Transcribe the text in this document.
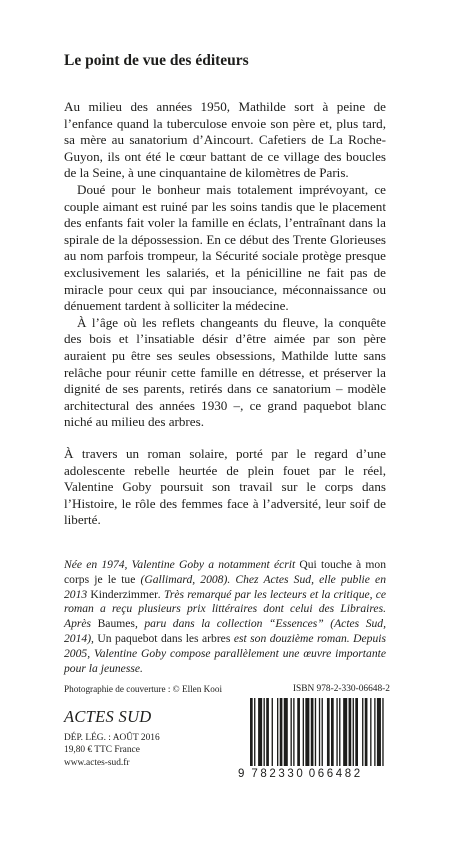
Le point de vue des éditeurs

Au milieu des années 1950, Mathilde sort à peine de l’enfance quand la tuberculose envoie son père et, plus tard, sa mère au sanatorium d’Aincourt. Cafetiers de La Roche-Guyon, ils ont été le cœur battant de ce village des boucles de la Seine, à une cinquantaine de kilomètres de Paris.

Doué pour le bonheur mais totalement imprévoyant, ce couple aimant est ruiné par les soins tandis que le placement des enfants fait voler la famille en éclats, l’entraînant dans la spirale de la dépossession. En ce début des Trente Glorieuses au nom parfois trompeur, la Sécurité sociale protège presque exclusivement les salariés, et la pénicilline ne fait pas de miracle pour ceux qui par insouciance, méconnaissance ou dénuement tardent à solliciter la médecine.

À l’âge où les reflets changeants du fleuve, la conquête des bois et l’insatiable désir d’être aimée par son père auraient pu être ses seules obsessions, Mathilde lutte sans relâche pour réunir cette famille en détresse, et préserver la dignité de ses parents, retirés dans ce sanatorium – modèle architectural des années 1930 –, ce grand paquebot blanc niché au milieu des arbres.

À travers un roman solaire, porté par le regard d’une adolescente rebelle heurtée de plein fouet par le réel, Valentine Goby poursuit son travail sur le corps dans l’Histoire, le rôle des femmes face à l’adversité, leur soif de liberté.

Née en 1974, Valentine Goby a notamment écrit Qui touche à mon corps je le tue (Gallimard, 2008). Chez Actes Sud, elle publie en 2013 Kinderzimmer. Très remarqué par les lecteurs et la critique, ce roman a reçu plusieurs prix littéraires dont celui des Libraires. Après Baumes, paru dans la collection “Essences” (Actes Sud, 2014), Un paquebot dans les arbres est son douzième roman. Depuis 2005, Valentine Goby compose parallèlement une œuvre importante pour la jeunesse.
Photographie de couverture : © Ellen Kooi
ACTES SUD
DÉP. LÉG. : AOÛT 2016
19,80 € TTC France
www.actes-sud.fr
ISBN 978-2-330-06648-2
9 782330 066482
